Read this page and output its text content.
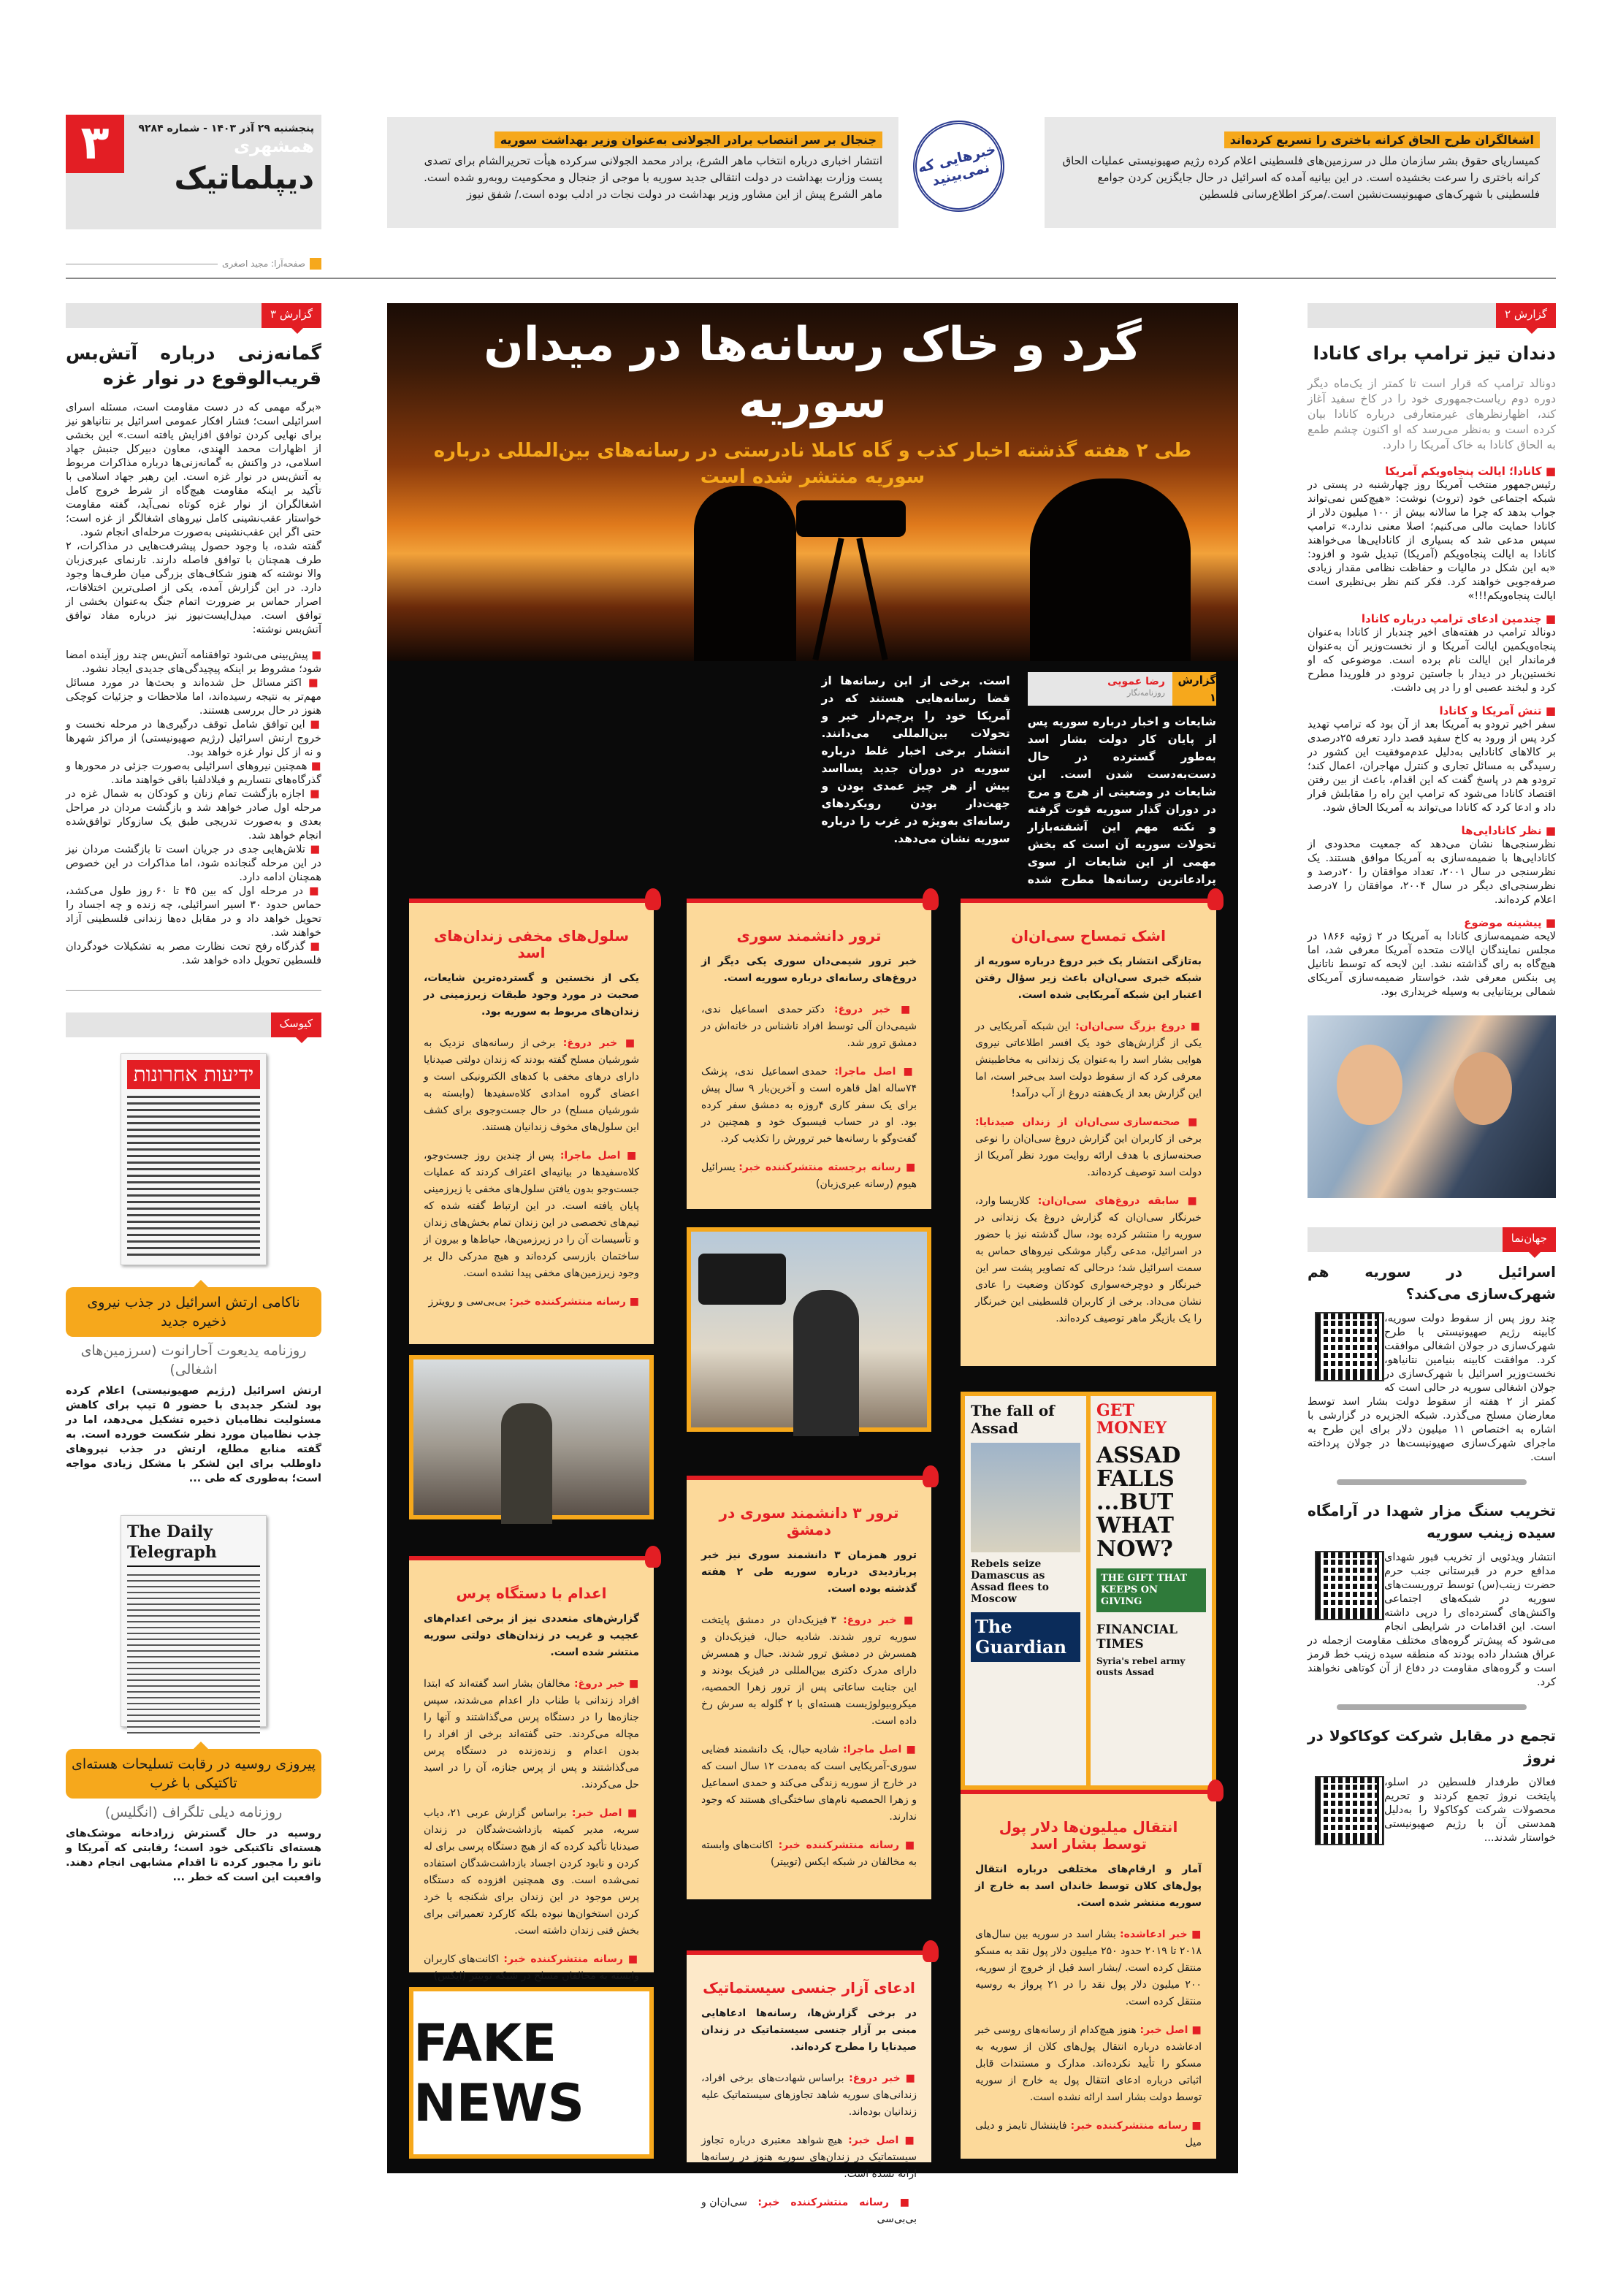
۳	پنجشنبه ۲۹ آذر ۱۴۰۳ - شماره ۹۲۸۴
همشهری
دیپلماتیک
صفحه‌آرا: مجید اصغری
اشغالگران طرح الحاق کرانه باختری را تسریع کرده‌اند

کمیساریای حقوق بشر سازمان ملل در سرزمین‌های فلسطینی اعلام کرده رژیم صهیونیستی عملیات الحاق کرانه باختری را سرعت بخشیده است. در این بیانیه آمده که اسرائیل در حال جایگزین کردن جوامع فلسطینی با شهرک‌های صهیونیست‌نشین است./مرکز اطلاع‌رسانی فلسطین

خبرهایی که نمی‌بینید
جنجال بر سر انتصاب برادر الجولانی به‌عنوان وزیر بهداشت سوریه

انتشار اخباری درباره انتخاب ماهر الشرع، برادر محمد الجولانی سرکرده هیأت تحریرالشام برای تصدی پست وزارت بهداشت در دولت انتقالی جدید سوریه با موجی از جنجال و محکومیت روبه‌رو شده است. ماهر الشرع پیش از این مشاور وزیر بهداشت در دولت نجات در ادلب بوده است./ شفق نیوز

گزارش ۲
دندان تیز ترامپ برای کانادا
دونالد ترامپ که قرار است تا کمتر از یک‌ماه دیگر دوره دوم ریاست‌جمهوری خود را در کاخ سفید آغاز کند، اظهارنظرهای غیرمتعارفی درباره کانادا بیان کرده است و به‌نظر می‌رسد که او اکنون چشم طمع به الحاق کانادا به خاک آمریکا را دارد.
■ کانادا؛ ایالت پنجاه‌ویکم آمریکا

رئیس‌جمهور منتخب آمریکا روز چهارشنبه در پستی در شبکه اجتماعی خود (تروث) نوشت: «هیچ‌کس نمی‌تواند جواب بدهد که چرا ما سالانه بیش از ۱۰۰ میلیون دلار از کانادا حمایت مالی می‌کنیم؛ اصلا معنی ندارد.» ترامپ سپس مدعی شد که بسیاری از کانادایی‌ها می‌خواهند کانادا به ایالت پنجاه‌ویکم (آمریکا) تبدیل شود و افزود: «به این شکل در مالیات و حفاظت نظامی مقدار زیادی صرفه‌جویی خواهند کرد. فکر کنم نظر بی‌نظیری است ایالت پنجاه‌ویکم!!!»

■ چندمین ادعای ترامپ درباره کانادا

دونالد ترامپ در هفته‌های اخیر چندبار از کانادا به‌عنوان پنجاه‌ویکمین ایالت آمریکا و از نخست‌وزیر آن به‌عنوان فرماندار این ایالت نام برده است. موضوعی که او نخستین‌بار در دیدار با جاستین ترودو در فلوریدا مطرح کرد و لبخند عصبی او را در پی داشت.

■ تنش آمریکا و کانادا

سفر اخیر ترودو به آمریکا بعد از آن بود که ترامپ تهدید کرد پس از ورود به کاخ سفید قصد دارد تعرفه ۲۵درصدی بر کالاهای کانادایی به‌دلیل عدم‌موفقیت این کشور در رسیدگی به مسائل تجاری و کنترل مهاجران، اعمال کند؛ ترودو هم در پاسخ گفت که این اقدام، باعث از بین رفتن اقتصاد کانادا می‌شود که ترامپ این راه را مقابلش قرار داد و ادعا کرد که کانادا می‌تواند به آمریکا الحاق شود.

■ نظر کانادایی‌ها

نظرسنجی‌ها نشان می‌دهد که جمعیت محدودی از کانادایی‌ها با ضمیمه‌سازی به آمریکا موافق هستند. یک نظرسنجی در سال ۲۰۰۱، تعداد موافقان را ۲۰درصد و نظرسنجی‌ای دیگر در سال ۲۰۰۴، موافقان را ۷درصد اعلام کرده‌اند.

■ پیشینه موضوع

لایحه ضمیمه‌سازی کانادا به آمریکا در ۲ ژوئیه ۱۸۶۶ در مجلس نمایندگان ایالات متحده آمریکا معرفی شد، اما هیچ‌گاه به رای گذاشته نشد. این لایحه که توسط ناتانیل پی بنکس معرفی شد، خواستار ضمیمه‌سازی آمریکای شمالی بریتانیایی به وسیله خریداری بود.

جهان‌نما
اسرائیل در سوریه هم شهرک‌سازی می‌کند؟

چند روز پس از سقوط دولت سوریه، کابینه رژیم صهیونیستی با طرح شهرک‌سازی در جولان اشغالی موافقت کرد. موافقت کابینه بنیامین نتانیاهو، نخست‌وزیر اسرائیل با شهرک‌سازی در جولان اشغالی سوریه در حالی است که کمتر از ۲ هفته از سقوط دولت بشار اسد توسط معارضان مسلح می‌گذرد. شبکه الجزیره در گزارشی با اشاره به اختصاص ۱۱ میلیون دلار برای این طرح به ماجرای شهرک‌سازی صهیونیست‌ها در جولان پرداخته است.

تخریب سنگ مزار شهدا در آرامگاه سیده زینب سوریه

انتشار ویدئویی از تخریب قبور شهدای مدافع حرم در قبرستانی جنب حرم حضرت زینب(س) توسط تروریست‌های سوریه در شبکه‌های اجتماعی واکنش‌های گسترده‌ای را درپی داشته است. این اقدامات در شرایطی انجام می‌شود که پیش‌تر گروه‌های مختلف مقاومت ازجمله در عراق هشدار داده بودند که منطقه سیده زینب خط قرمز است و گروه‌های مقاومت در دفاع از آن کوتاهی نخواهند کرد.

تجمع در مقابل شرکت کوکاکولا در نروژ

فعالان طرفدار فلسطین در اسلو، پایتخت نروژ تجمع کردند و تحریم محصولات شرکت کوکاکولا را به‌دلیل همدستی آن با رژیم صهیونیستی خواستار شدند...

گزارش ۳
گمانه‌زنی درباره آتش‌بس قریب‌الوقوع در نوار غزه

«برگه مهمی که در دست مقاومت است، مسئله اسرای اسرائیلی است؛ فشار افکار عمومی اسرائیل بر نتانیاهو نیز برای نهایی کردن توافق افزایش یافته است.» این بخشی از اظهارات محمد الهندی، معاون دبیرکل جنبش جهاد اسلامی، در واکنش به گمانه‌زنی‌ها درباره مذاکرات مربوط به آتش‌بس در نوار غزه است. این رهبر جهاد اسلامی با تأکید بر اینکه مقاومت هیچ‌گاه از شرط خروج کامل اشغالگران از نوار غزه کوتاه نمی‌آید، گفته مقاومت خواستار عقب‌نشینی کامل نیروهای اشغالگر از غزه است؛ حتی اگر این عقب‌نشینی به‌صورت مرحله‌ای انجام شود.

گفته شده، با وجود حصول پیشرفت‌هایی در مذاکرات، ۲ طرف همچنان با توافق فاصله دارند. تارنمای عبری‌زبان والا نوشته که هنوز شکاف‌های بزرگی میان طرف‌ها وجود دارد. در این گزارش آمده، یکی از اصلی‌ترین اختلافات، اصرار حماس بر ضرورت اتمام جنگ به‌عنوان بخشی از توافق است. میدل‌ایست‌نیوز نیز درباره مفاد توافق آتش‌بس نوشته:

■ پیش‌بینی می‌شود توافقنامه آتش‌بس چند روز آینده امضا شود؛ مشروط بر اینکه پیچیدگی‌های جدیدی ایجاد نشود.

■ اکثر مسائل حل شده‌اند و بحث‌ها در مورد مسائل مهم‌تر به نتیجه رسیده‌اند، اما ملاحظات و جزئیات کوچکی هنوز در حال بررسی هستند.

■ این توافق شامل توقف درگیری‌ها در مرحله نخست و خروج ارتش اسرائیل (رژیم صهیونیستی) از مراکز شهرها و نه از کل نوار غزه خواهد بود.

■ همچنین نیروهای اسرائیلی به‌صورت جزئی در محورها و گذرگاه‌های نتساریم و فیلادلفیا باقی خواهند ماند.

■ اجازه بازگشت تمام زنان و کودکان به شمال غزه در مرحله اول صادر خواهد شد و بازگشت مردان در مراحل بعدی و به‌صورت تدریجی طبق یک سازوکار توافق‌شده انجام خواهد شد.

■ تلاش‌هایی جدی در جریان است تا بازگشت مردان نیز در این مرحله گنجانده شود، اما مذاکرات در این خصوص همچنان ادامه دارد.

■ در مرحله اول که بین ۴۵ تا ۶۰ روز طول می‌کشد، حماس حدود ۳۰ اسیر اسرائیلی، چه زنده و چه اجساد را تحویل خواهد داد و در مقابل ده‌ها زندانی فلسطینی آزاد خواهند شد.

■ گذرگاه رفح تحت نظارت مصر به تشکیلات خودگردان فلسطین تحویل داده خواهد شد.

کیوسک
ידיעות אחרונות
ناکامی ارتش اسرائیل در جذب نیروی ذخیره جدید
روزنامه یدیعوت آحارانوت (سرزمین‌های اشغالی)
ارتش اسرائیل (رژیم صهیونیستی) اعلام کرده بود لشکر جدیدی با حضور ۵ تیپ برای کاهش مسئولیت نظامیان ذخیره تشکیل می‌دهد، اما در جذب نظامیان مورد نظر شکست خورده است. به گفته منابع مطلع، ارتش در جذب نیروهای داوطلب برای این لشکر با مشکل زیادی مواجه است؛ به‌طوری که طی ...
The Daily Telegraph
پیروزی روسیه در رقابت تسلیحات هسته‌ای تاکتیکی با غرب
روزنامه دیلی تلگراف (انگلیس)
روسیه در حال گسترش زرادخانه موشک‌های هسته‌ای تاکتیکی خود است؛ رقابتی که آمریکا و ناتو را مجبور کرده تا اقدام مشابهی انجام دهند. واقعیت این است که خطر ...
گرد و خاک رسانه‌ها در میدان سوریه
طی ۲ هفته گذشته اخبار کذب و گاه کاملا نادرستی در رسانه‌های بین‌المللی درباره سوریه منتشر شده است
گزارش ۱
رضا عمویی
روزنامه‌نگار
شایعات و اخبار درباره سوریه پس از پایان کار دولت بشار اسد به‌طور گسترده در حال دست‌به‌دست شدن است. این شایعات در وضعیتی از هرج و مرج در دوران گذار سوریه قوت گرفته و نکته مهم این آشفته‌بازار تحولات سوریه آن است که بخش مهمی از این شایعات از سوی پرادعاترین رسانه‌ها مطرح شده است. برخی از این رسانه‌ها از قضا رسانه‌هایی هستند که در آمریکا خود را پرچم‌دار خبر و تحولات بین‌المللی می‌دانند. انتشار برخی اخبار غلط درباره سوریه در دوران جدید پسااسد بیش از هر چیز عمدی بودن و جهت‌دار بودن رویکردهای رسانه‌ای به‌ویژه در غرب را درباره سوریه نشان می‌دهد.
GET MONEY
ASSAD FALLS ...BUT WHAT NOW?
THE GIFT THAT KEEPS ON GIVING
FINANCIAL TIMES
Syria's rebel army ousts Assad
The fall of Assad
Rebels seize Damascus as Assad flees to Moscow
The Guardian
FAKE NEWS
اشک تمساح سی‌ان‌ان
به‌تازگی انتشار یک خبر دروغ درباره سوریه از شبکه خبری سی‌ان‌ان باعث زیر سؤال رفتن اعتبار این شبکه آمریکایی شده است.
■ دروغ بزرگ سی‌ان‌ان: این شبکه آمریکایی در یکی از گزارش‌های خود یک افسر اطلاعاتی نیروی هوایی بشار اسد را به‌عنوان یک زندانی به مخاطبینش معرفی کرد که از سقوط دولت اسد بی‌خبر است، اما این گزارش بعد از یک‌هفته دروغ از آب درآمد!
■ صحنه‌سازی سی‌ان‌ان از زندان صیدنایا: برخی از کاربران این گزارش دروغ سی‌ان‌ان را نوعی صحنه‌سازی با هدف ارائه روایت مورد نظر آمریکا از دولت اسد توصیف کرده‌اند.
■ سابقه دروغ‌های سی‌ان‌ان: کلاریسا وارد، خبرنگار سی‌ان‌ان که گزارش دروغ یک زندانی در سوریه را منتشر کرده بود، سال گذشته نیز با حضور در اسرائیل، مدعی رگبار موشکی نیروهای حماس به سمت اسرائیل شد؛ درحالی که تصاویر پشت سر این خبرنگار و دوچرخه‌سواری کودکان وضعیت را عادی نشان می‌داد. برخی از کاربران فلسطینی این خبرنگار را یک بازیگر ماهر توصیف کرده‌اند.
ترور دانشمند سوری
خبر ترور شیمی‌دان سوری یکی دیگر از دروغ‌های رسانه‌ای درباره سوریه است.
■ خبر دروغ: دکتر حمدی اسماعیل ندی، شیمی‌دان آلی توسط افراد ناشناس در خانه‌اش در دمشق ترور شد.
■ اصل ماجرا: حمدی اسماعیل ندی، پزشک ۷۴ساله اهل قاهره است و آخرین‌بار ۹ سال پیش برای یک سفر کاری ۴روزه به دمشق سفر کرده بود. او در حساب فیسبوک خود و همچنین در گفت‌وگو با رسانه‌ها خبر ترورش را تکذیب کرد.
■ رسانه برجسته منتشرکننده خبر: یسرائیل هیوم (رسانه عبری‌زبان)
سلول‌های مخفی زندان‌های اسد
یکی از نخستین و گسترده‌ترین شایعات، صحبت در مورد وجود طبقات زیرزمینی در زندان‌های مربوط به سوریه بود.
■ خبر دروغ: برخی از رسانه‌های نزدیک به شورشیان مسلح گفته بودند که زندان دولتی صیدنایا دارای درهای مخفی با کدهای الکترونیکی است و اعضای گروه امدادی کلاه‌سفیدها (وابسته به شورشیان مسلح) در حال جست‌وجوی برای کشف این سلول‌های مخوف زندانیان هستند.
■ اصل ماجرا: پس از چندین روز جست‌وجو، کلاه‌سفیدها در بیانیه‌ای اعتراف کردند که عملیات جست‌وجو بدون یافتن سلول‌های مخفی یا زیرزمینی پایان یافته است. در این ارتباط گفته شده که تیم‌های تخصصی در این زندان تمام بخش‌های زندان و تأسیسات آن را در زیرزمین‌ها، حیاط‌ها و بیرون از ساختمان بازرسی کرده‌اند و هیچ مدرکی دال بر وجود زیرزمین‌های مخفی پیدا نشده است.
■ رسانه منتشرکننده خبر: بی‌بی‌سی و رویترز
ترور ۳ دانشمند سوری در دمشق
ترور همزمان ۳ دانشمند سوری نیز خبر پربازدیدی درباره سوریه طی ۲ هفته گذشته بوده است.
■ خبر دروغ: ۳ فیزیک‌دان در دمشق پایتخت سوریه ترور شدند. شادیه حبال، فیزیک‌دان و همسرش در دمشق ترور شدند. حبال و همسرش دارای مدرک دکتری بین‌المللی در فیزیک بودند و این جنایت ساعاتی پس از ترور زهرا الحمصیه، میکروبیولوژیست هسته‌ای با ۲ گلوله به سرش رخ داده است.
■ اصل ماجرا: شادیه حبال، یک دانشمند فضایی سوری-آمریکایی است که به‌مدت ۱۲ سال است که در خارج از سوریه زندگی می‌کند و حمدی اسماعیل و زهرا الحمصیه نام‌های ساختگی‌ای هستند که وجود ندارند.
■ رسانه منتشرکننده خبر: اکانت‌های وابسته به مخالفان در شبکه ایکس (توییتر)
اعدام با دستگاه پرس
گزارش‌های متعددی نیز از برخی اعدام‌های عجیب و غریب در زندان‌های دولتی سوریه منتشر شده است.
■ خبر دروغ: مخالفان بشار اسد گفته‌اند که ابتدا افراد زندانی با طناب دار اعدام می‌شدند، سپس جنازه‌ها را در دستگاه پرس می‌گذاشتند و آنها را مچاله می‌کردند. حتی گفته‌اند برخی از افراد را بدون اعدام و زنده‌زنده در دستگاه پرس می‌گذاشتند و پس از پرس جنازه، آن را در اسید حل می‌کردند.
■ اصل خبر: براساس گزارش عربی ۲۱، دیاب سریه، مدیر کمیته بازداشت‌شدگان در زندان صیدنایا تأکید کرده که از هیچ دستگاه پرسی برای له کردن و نابود کردن اجساد بازداشت‌شدگان استفاده نمی‌شده است. وی همچنین افزوده که دستگاه پرس موجود در این زندان برای شکنجه یا خرد کردن استخوان‌ها نبوده بلکه کارکرد تعمیراتی برای بخش فنی زندان داشته است.
■ رسانه منتشرکننده خبر: اکانت‌های کاربران وابسته به مخالفان مسلح در شبکه توییتر (ایکس)
ادعای آزار جنسی سیستماتیک
در برخی گزارش‌ها، رسانه‌ها ادعاهایی مبنی بر آزار جنسی سیستماتیک در زندان صیدنایا را مطرح کرده‌اند.
■ خبر دروغ: براساس شهادت‌های برخی افراد، زندانی‌های سوریه شاهد تجاوزهای سیستماتیک علیه زندانیان بوده‌اند.
■ اصل خبر: هیچ شواهد معتبری درباره تجاوز سیستماتیک در زندان‌های سوریه هنوز در رسانه‌ها ارائه نشده است.
■ رسانه منتشرکننده خبر: سی‌ان‌ان و بی‌بی‌سی
انتقال میلیون‌ها دلار پول توسط بشار اسد
آمار و ارقام‌های مختلفی درباره انتقال پول‌های کلان توسط خاندان اسد به خارج از سوریه منتشر شده است.
■ خبر ادعاشده: بشار اسد در سوریه بین سال‌های ۲۰۱۸ تا ۲۰۱۹ حدود ۲۵۰ میلیون دلار پول نقد به مسکو منتقل کرده است. /بشار اسد قبل از خروج از سوریه، ۲۰۰ میلیون دلار پول نقد را در ۲۱ پرواز به روسیه منتقل کرده است.
■ اصل خبر: هنوز هیچ‌کدام از رسانه‌های روسی خبر ادعاشده درباره انتقال پول‌های کلان از سوریه به مسکو را تأیید نکرده‌اند. مدارک و مستندات قابل اثباتی درباره ادعای انتقال پول به خارج از سوریه توسط دولت بشار اسد ارائه نشده است.
■ رسانه منتشرکننده خبر: فایننشال تایمز و دیلی میل
